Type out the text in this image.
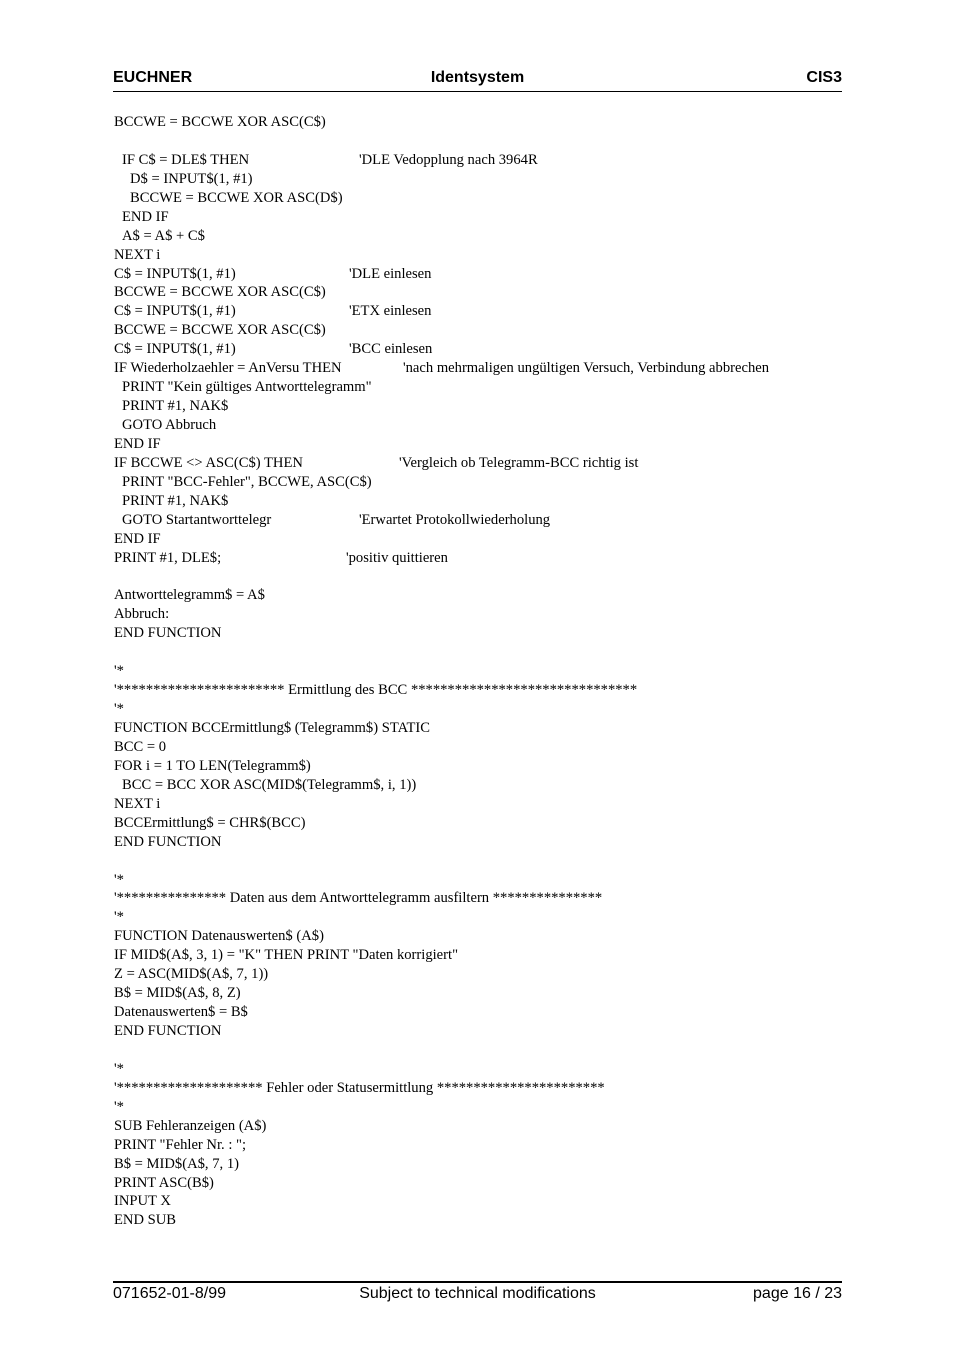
EUCHNER	Identsystem	CIS3
BCCWE = BCCWE XOR ASC(C$)
IF C$ = DLE$ THEN	'DLE Vedopplung nach 3964R
D$ = INPUT$(1, #1)
BCCWE = BCCWE XOR ASC(D$)
END IF
A$ = A$ + C$
NEXT i
C$ = INPUT$(1, #1)	'DLE einlesen
BCCWE = BCCWE XOR ASC(C$)
C$ = INPUT$(1, #1)	'ETX einlesen
BCCWE = BCCWE XOR ASC(C$)
C$ = INPUT$(1, #1)	'BCC einlesen
IF Wiederholzaehler = AnVersu THEN	'nach mehrmaligen ungültigen Versuch, Verbindung abbrechen
PRINT "Kein gültiges Antworttelegramm"
PRINT #1, NAK$
GOTO Abbruch
END IF
IF BCCWE <> ASC(C$) THEN	'Vergleich ob Telegramm-BCC richtig ist
PRINT "BCC-Fehler", BCCWE, ASC(C$)
PRINT #1, NAK$
GOTO Startantworttelegr	'Erwartet Protokollwiederholung
END IF
PRINT #1, DLE$;	'positiv quittieren
Antworttelegramm$ = A$
Abbruch:
END FUNCTION
'*
'*********************** Ermittlung des BCC *******************************
'*
FUNCTION BCCErmittlung$ (Telegramm$) STATIC
BCC = 0
FOR i = 1 TO LEN(Telegramm$)
BCC = BCC XOR ASC(MID$(Telegramm$, i, 1))
NEXT i
BCCErmittlung$ = CHR$(BCC)
END FUNCTION
'*
'*************** Daten aus dem Antworttelegramm ausfiltern ***************
'*
FUNCTION Datenauswerten$ (A$)
IF MID$(A$, 3, 1) = "K" THEN PRINT "Daten korrigiert"
Z = ASC(MID$(A$, 7, 1))
B$ = MID$(A$, 8, Z)
Datenauswerten$ = B$
END FUNCTION
'*
'******************** Fehler oder Statusermittlung ***********************
'*
SUB Fehleranzeigen (A$)
PRINT "Fehler Nr. : ";
B$ = MID$(A$, 7, 1)
PRINT ASC(B$)
INPUT X
END SUB
071652-01-8/99	Subject to technical modifications	page 16 / 23
